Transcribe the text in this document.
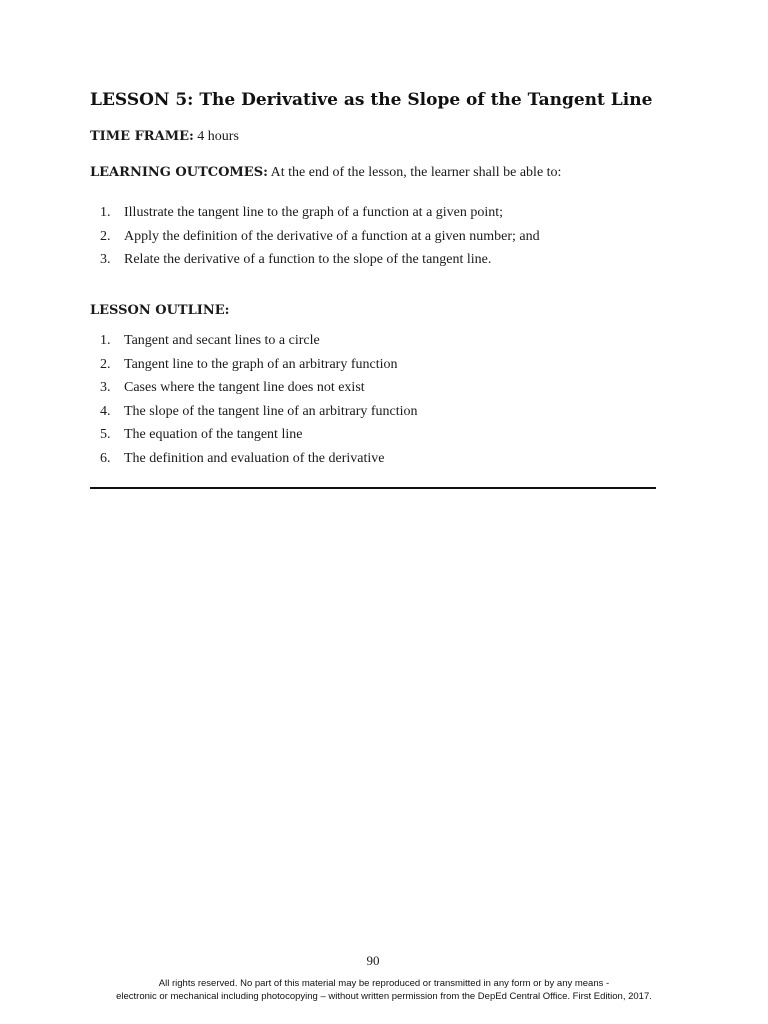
LESSON 5: The Derivative as the Slope of the Tangent Line

TIME FRAME: 4 hours

LEARNING OUTCOMES: At the end of the lesson, the learner shall be able to:

1. Illustrate the tangent line to the graph of a function at a given point;
2. Apply the definition of the derivative of a function at a given number; and
3. Relate the derivative of a function to the slope of the tangent line.

LESSON OUTLINE:

1. Tangent and secant lines to a circle
2. Tangent line to the graph of an arbitrary function
3. Cases where the tangent line does not exist
4. The slope of the tangent line of an arbitrary function
5. The equation of the tangent line
6. The definition and evaluation of the derivative
90
All rights reserved. No part of this material may be reproduced or transmitted in any form or by any means -
electronic or mechanical including photocopying – without written permission from the DepEd Central Office. First Edition, 2017.
